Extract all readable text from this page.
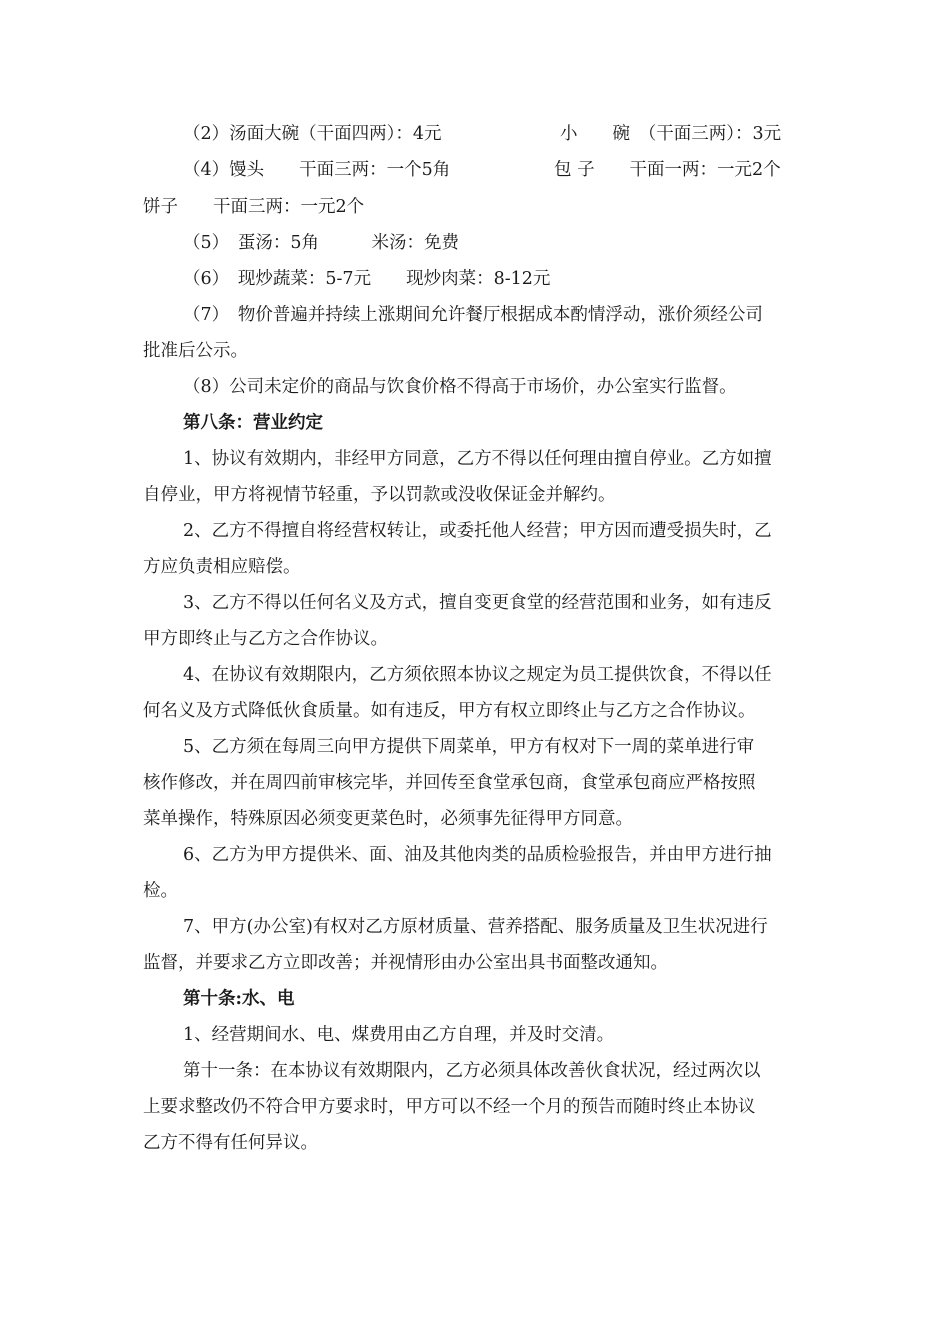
（2）汤面大碗（干面四两）：4元	小　　碗　（干面三两）：3元
（4）馒头　　干面三两：一个5角	包 子　　干面一两：一元2个
饼子　　干面三两：一元2个
（5）　蛋汤：5角　　　米汤：免费
（6）　现炒蔬菜：5-7元　　现炒肉菜：8-12元
（7）　物价普遍并持续上涨期间允许餐厅根据成本酌情浮动，涨价须经公司
批准后公示。
（8）公司未定价的商品与饮食价格不得高于市场价，办公室实行监督。
第八条：营业约定
1、协议有效期内，非经甲方同意，乙方不得以任何理由擅自停业。乙方如擅
自停业，甲方将视情节轻重，予以罚款或没收保证金并解约。
2、乙方不得擅自将经营权转让，或委托他人经营；甲方因而遭受损失时，乙
方应负责相应赔偿。
3、乙方不得以任何名义及方式，擅自变更食堂的经营范围和业务，如有违反
甲方即终止与乙方之合作协议。
4、在协议有效期限内，乙方须依照本协议之规定为员工提供饮食，不得以任
何名义及方式降低伙食质量。如有违反，甲方有权立即终止与乙方之合作协议。
5、乙方须在每周三向甲方提供下周菜单，甲方有权对下一周的菜单进行审
核作修改，并在周四前审核完毕，并回传至食堂承包商，食堂承包商应严格按照
菜单操作，特殊原因必须变更菜色时，必须事先征得甲方同意。
6、乙方为甲方提供米、面、油及其他肉类的品质检验报告，并由甲方进行抽
检。
7、甲方(办公室)有权对乙方原材质量、营养搭配、服务质量及卫生状况进行
监督，并要求乙方立即改善；并视情形由办公室出具书面整改通知。
第十条:水、电
1、经营期间水、电、煤费用由乙方自理，并及时交清。
第十一条：在本协议有效期限内，乙方必须具体改善伙食状况，经过两次以
上要求整改仍不符合甲方要求时，甲方可以不经一个月的预告而随时终止本协议
乙方不得有任何异议。
